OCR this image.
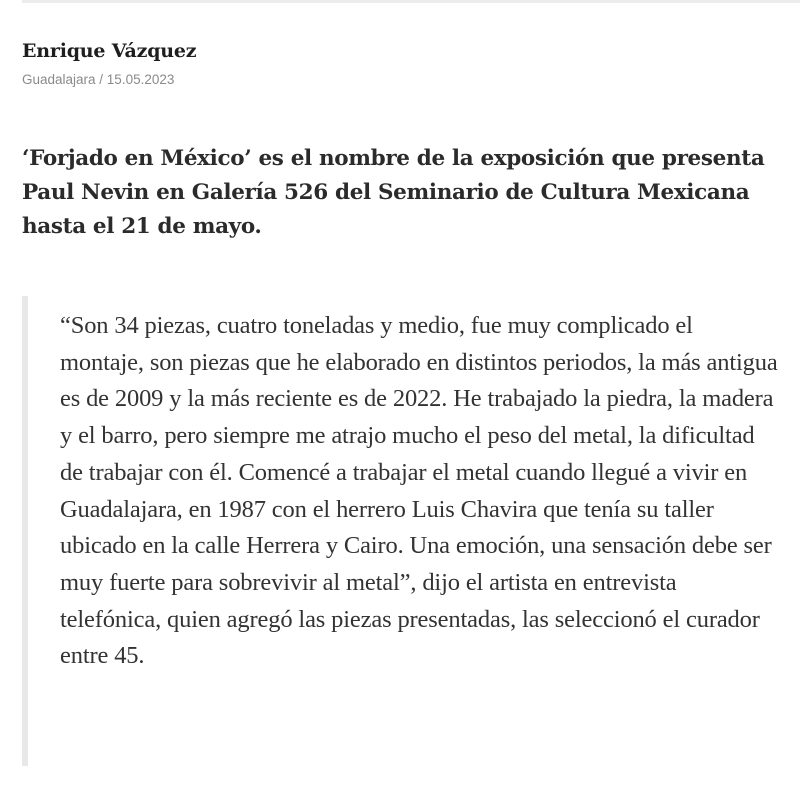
Enrique Vázquez
Guadalajara / 15.05.2023

‘Forjado en México’ es el nombre de la exposición que presenta Paul Nevin en Galería 526 del Seminario de Cultura Mexicana hasta el 21 de mayo.

“Son 34 piezas, cuatro toneladas y medio, fue muy complicado el montaje, son piezas que he elaborado en distintos periodos, la más antigua es de 2009 y la más reciente es de 2022. He trabajado la piedra, la madera y el barro, pero siempre me atrajo mucho el peso del metal, la dificultad de trabajar con él. Comencé a trabajar el metal cuando llegué a vivir en Guadalajara, en 1987 con el herrero Luis Chavira que tenía su taller ubicado en la calle Herrera y Cairo. Una emoción, una sensación debe ser muy fuerte para sobrevivir al metal”, dijo el artista en entrevista telefónica, quien agregó las piezas presentadas, las seleccionó el curador entre 45.
